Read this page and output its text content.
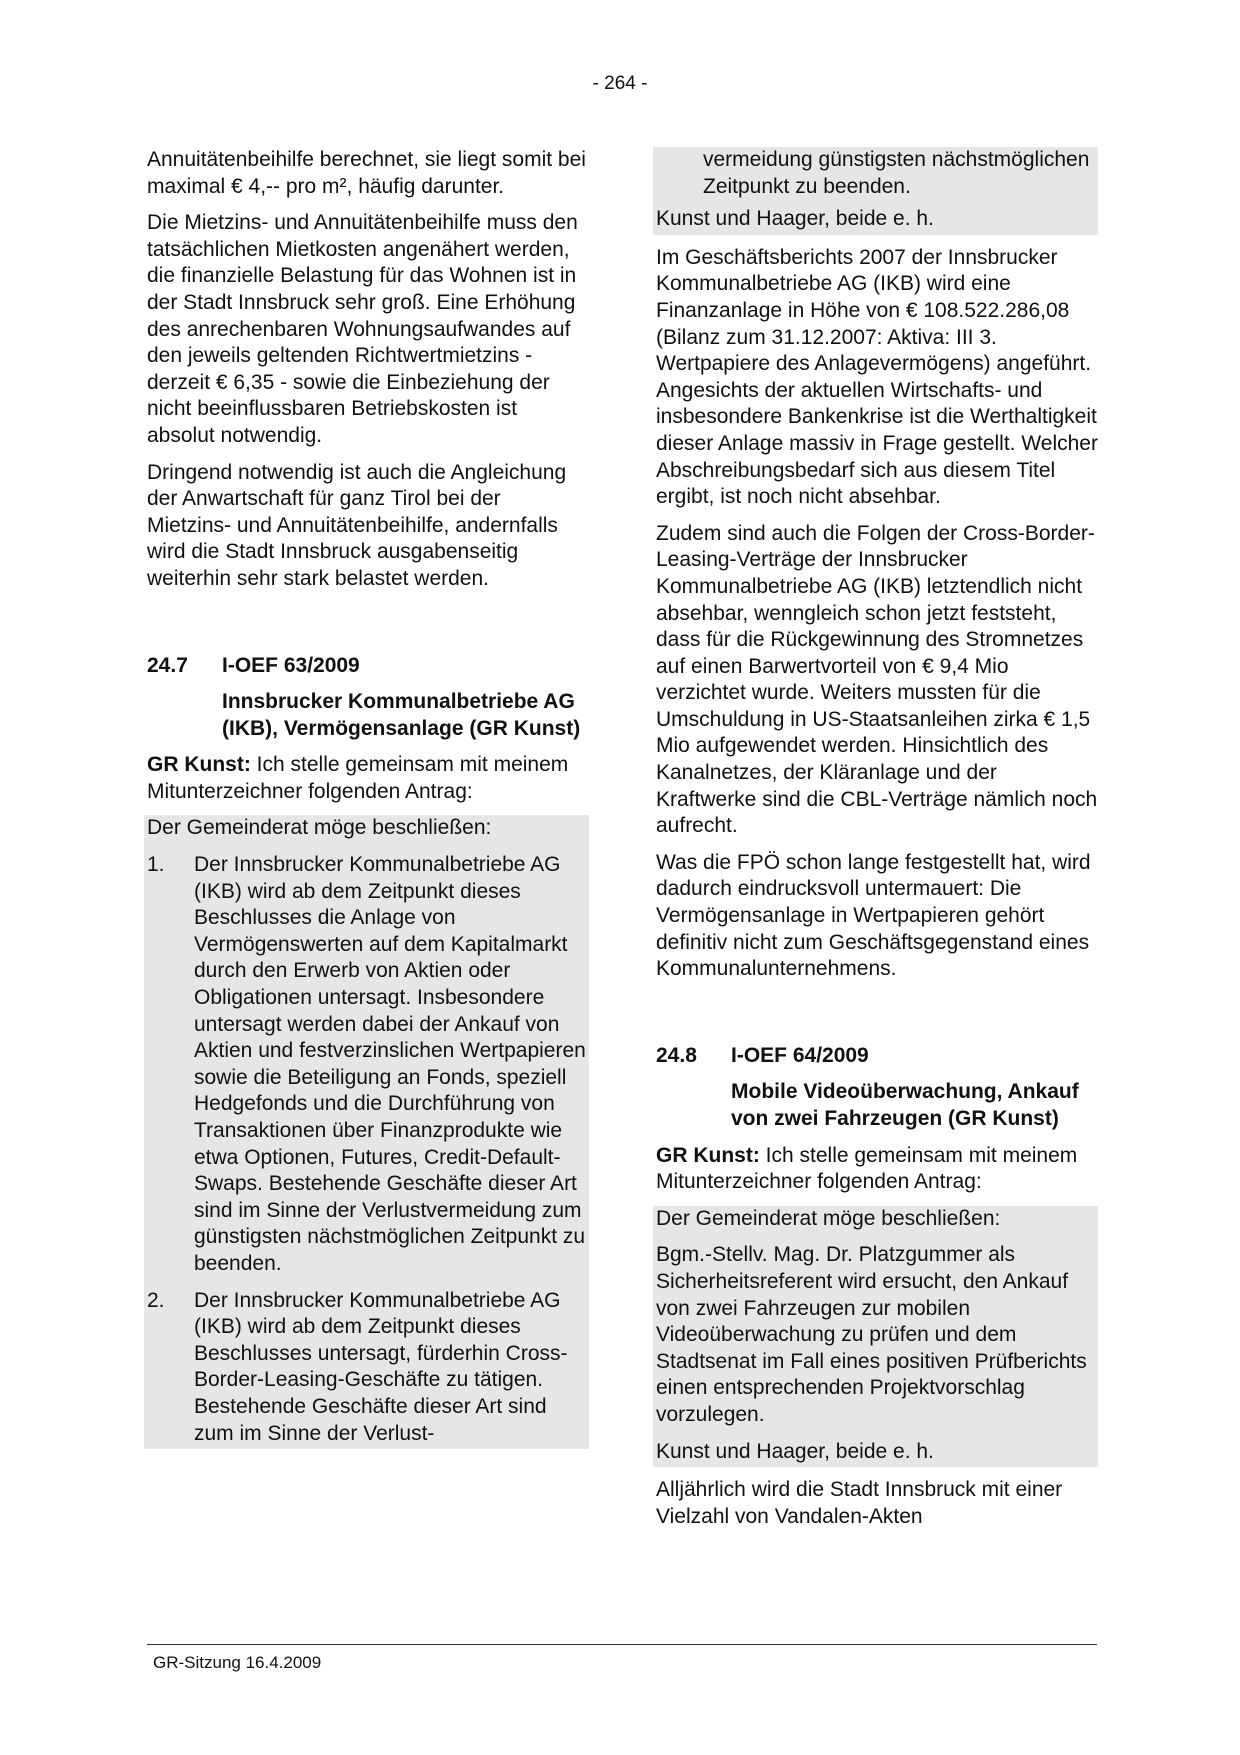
- 264 -

Annuitätenbeihilfe berechnet, sie liegt somit bei maximal € 4,-- pro m², häufig darunter.

Die Mietzins- und Annuitätenbeihilfe muss den tatsächlichen Mietkosten angenähert werden, die finanzielle Belastung für das Wohnen ist in der Stadt Innsbruck sehr groß. Eine Erhöhung des anrechenbaren Wohnungsaufwandes auf den jeweils geltenden Richtwertmietzins - derzeit € 6,35 - sowie die Einbeziehung der nicht beeinflussbaren Betriebskosten ist absolut notwendig.

Dringend notwendig ist auch die Angleichung der Anwartschaft für ganz Tirol bei der Mietzins- und Annuitätenbeihilfe, andernfalls wird die Stadt Innsbruck ausgabenseitig weiterhin sehr stark belastet werden.

24.7	I-OEF 63/2009
Innsbrucker Kommunalbetriebe AG (IKB), Vermögensanlage (GR Kunst)

GR Kunst: Ich stelle gemeinsam mit meinem Mitunterzeichner folgenden Antrag:

Der Gemeinderat möge beschließen:

1.	Der Innsbrucker Kommunalbetriebe AG (IKB) wird ab dem Zeitpunkt dieses Beschlusses die Anlage von Vermögenswerten auf dem Kapitalmarkt durch den Erwerb von Aktien oder Obligationen untersagt. Insbesondere untersagt werden dabei der Ankauf von Aktien und festverzinslichen Wertpapieren sowie die Beteiligung an Fonds, speziell Hedgefonds und die Durchführung von Transaktionen über Finanzprodukte wie etwa Optionen, Futures, Credit-Default-Swaps. Bestehende Geschäfte dieser Art sind im Sinne der Verlustvermeidung zum günstigsten nächstmöglichen Zeitpunkt zu beenden.
2.	Der Innsbrucker Kommunalbetriebe AG (IKB) wird ab dem Zeitpunkt dieses Beschlusses untersagt, fürderhin Cross-Border-Leasing-Geschäfte zu tätigen. Bestehende Geschäfte dieser Art sind zum im Sinne der Verlust-

vermeidung günstigsten nächstmöglichen Zeitpunkt zu beenden.

Kunst und Haager, beide e. h.

Im Geschäftsberichts 2007 der Innsbrucker Kommunalbetriebe AG (IKB) wird eine Finanzanlage in Höhe von € 108.522.286,08 (Bilanz zum 31.12.2007: Aktiva: III 3. Wertpapiere des Anlagevermögens) angeführt. Angesichts der aktuellen Wirtschafts- und insbesondere Bankenkrise ist die Werthaltigkeit dieser Anlage massiv in Frage gestellt. Welcher Abschreibungsbedarf sich aus diesem Titel ergibt, ist noch nicht absehbar.

Zudem sind auch die Folgen der Cross-Border-Leasing-Verträge der Innsbrucker Kommunalbetriebe AG (IKB) letztendlich nicht absehbar, wenngleich schon jetzt feststeht, dass für die Rückgewinnung des Stromnetzes auf einen Barwertvorteil von € 9,4 Mio verzichtet wurde. Weiters mussten für die Umschuldung in US-Staatsanleihen zirka € 1,5 Mio aufgewendet werden. Hinsichtlich des Kanalnetzes, der Kläranlage und der Kraftwerke sind die CBL-Verträge nämlich noch aufrecht.

Was die FPÖ schon lange festgestellt hat, wird dadurch eindrucksvoll untermauert: Die Vermögensanlage in Wertpapieren gehört definitiv nicht zum Geschäftsgegenstand eines Kommunalunternehmens.

24.8	I-OEF 64/2009
Mobile Videoüberwachung, Ankauf von zwei Fahrzeugen (GR Kunst)

GR Kunst: Ich stelle gemeinsam mit meinem Mitunterzeichner folgenden Antrag:

Der Gemeinderat möge beschließen:

Bgm.-Stellv. Mag. Dr. Platzgummer als Sicherheitsreferent wird ersucht, den Ankauf von zwei Fahrzeugen zur mobilen Videoüberwachung zu prüfen und dem Stadtsenat im Fall eines positiven Prüfberichts einen entsprechenden Projektvorschlag vorzulegen.

Kunst und Haager, beide e. h.

Alljährlich wird die Stadt Innsbruck mit einer Vielzahl von Vandalen-Akten

GR-Sitzung 16.4.2009
